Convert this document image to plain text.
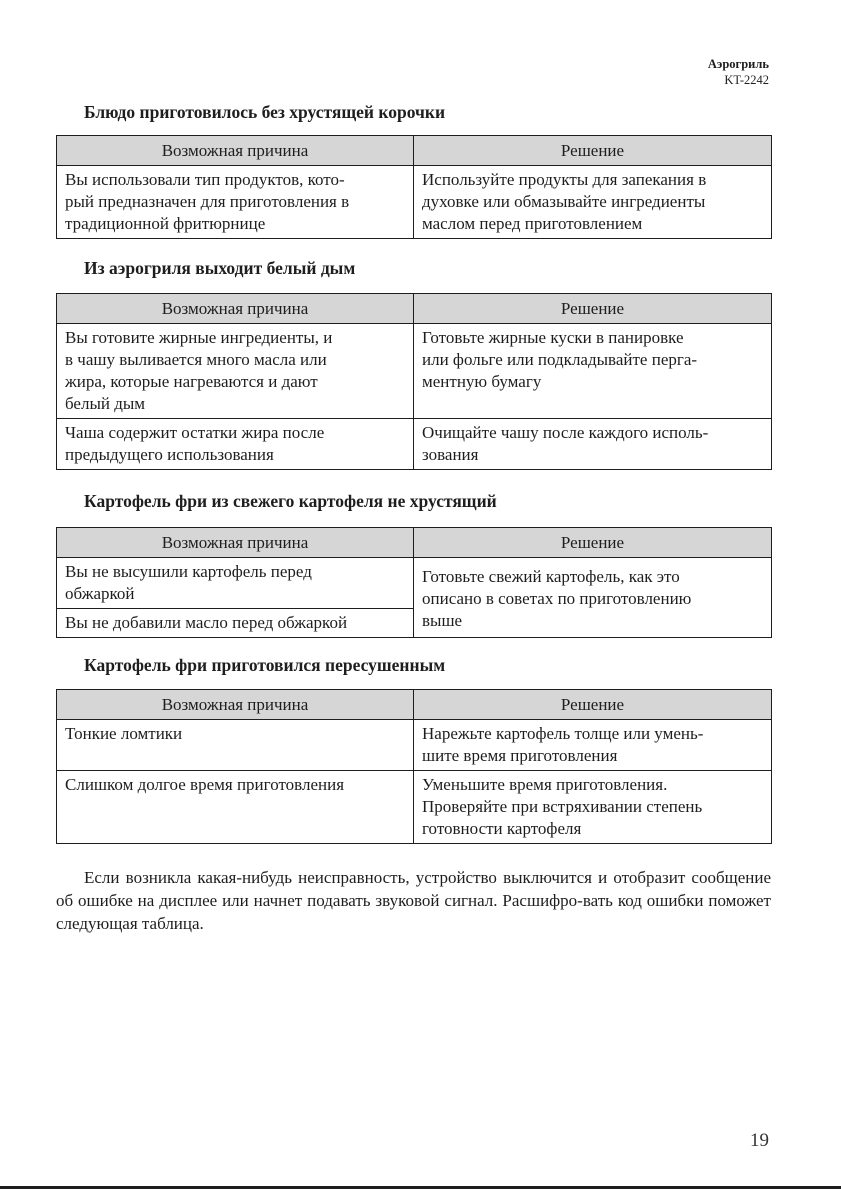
Аэрогриль
KT-2242
Блюдо приготовилось без хрустящей корочки
Возможная причина	Решение

Вы использовали тип продуктов, кото-
рый предназначен для приготовления в
традиционной фритюрнице	Используйте продукты для запекания в
духовке или обмазывайте ингредиенты
маслом перед приготовлением
Из аэрогриля выходит белый дым
Возможная причина	Решение

Вы готовите жирные ингредиенты, и
в чашу выливается много масла или
жира, которые нагреваются и дают
белый дым	Готовьте жирные куски в панировке
или фольге или подкладывайте перга-
ментную бумагу

Чаша содержит остатки жира после
предыдущего использования	Очищайте чашу после каждого исполь-
зования
Картофель фри из свежего картофеля не хрустящий
Возможная причина	Решение

Вы не высушили картофель перед
обжаркой	Готовьте свежий картофель, как это
описано в советах по приготовлению
выше

Вы не добавили масло перед обжаркой	
Картофель фри приготовился пересушенным
Возможная причина	Решение

Тонкие ломтики	Нарежьте картофель толще или умень-
шите время приготовления

Слишком долгое время приготовления	Уменьшите время приготовления.
Проверяйте при встряхивании степень
готовности картофеля
Если возникла какая-нибудь неисправность, устройство выключится и отобразит сообщение об ошибке на дисплее или начнет подавать звуковой сигнал. Расшифро-вать код ошибки поможет следующая таблица.
19
